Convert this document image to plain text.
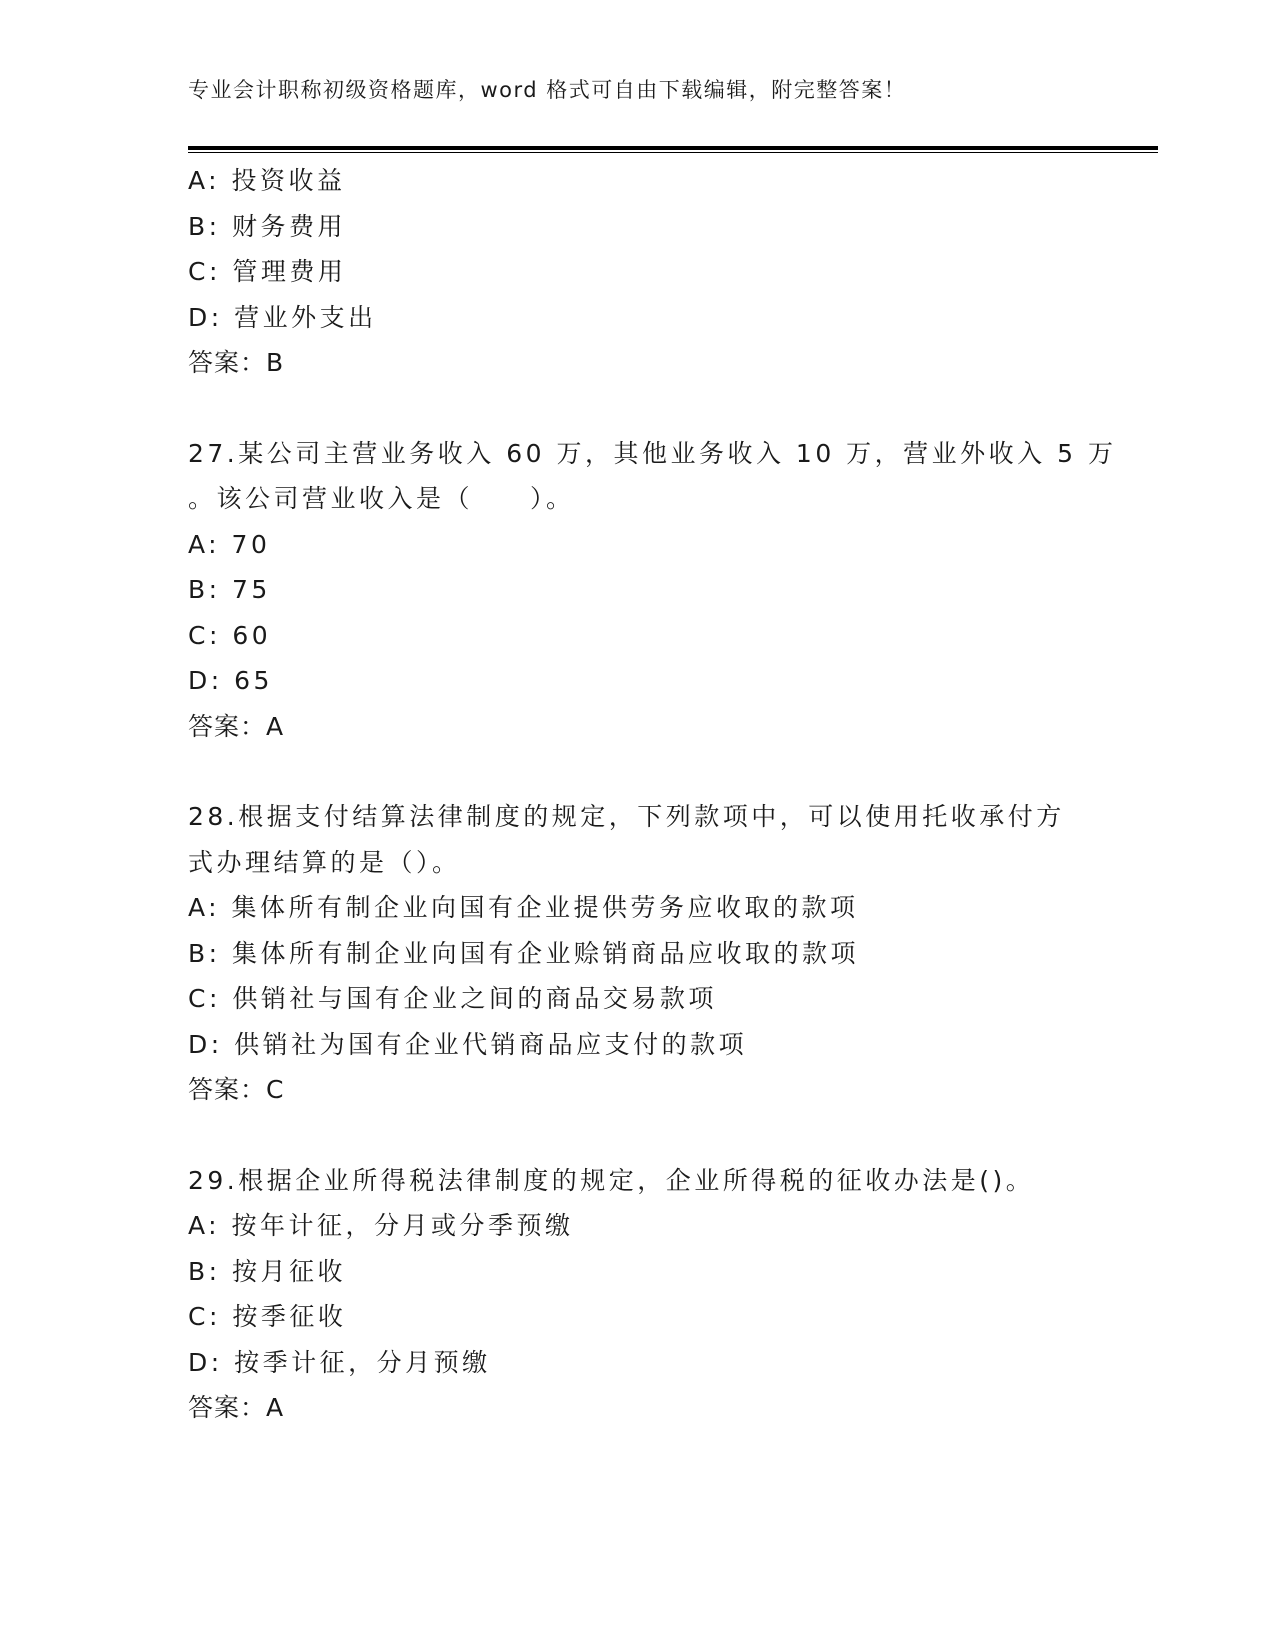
专业会计职称初级资格题库，word 格式可自由下载编辑，附完整答案！
A: 投资收益
B: 财务费用
C: 管理费用
D: 营业外支出
答案：B
27.某公司主营业务收入 60 万，其他业务收入 10 万，营业外收入 5 万
。该公司营业收入是（　　）。
A: 70
B: 75
C: 60
D: 65
答案：A
28.根据支付结算法律制度的规定，下列款项中，可以使用托收承付方
式办理结算的是（）。
A: 集体所有制企业向国有企业提供劳务应收取的款项
B: 集体所有制企业向国有企业赊销商品应收取的款项
C: 供销社与国有企业之间的商品交易款项
D: 供销社为国有企业代销商品应支付的款项
答案：C
29.根据企业所得税法律制度的规定，企业所得税的征收办法是()。
A: 按年计征，分月或分季预缴
B: 按月征收
C: 按季征收
D: 按季计征，分月预缴
答案：A
